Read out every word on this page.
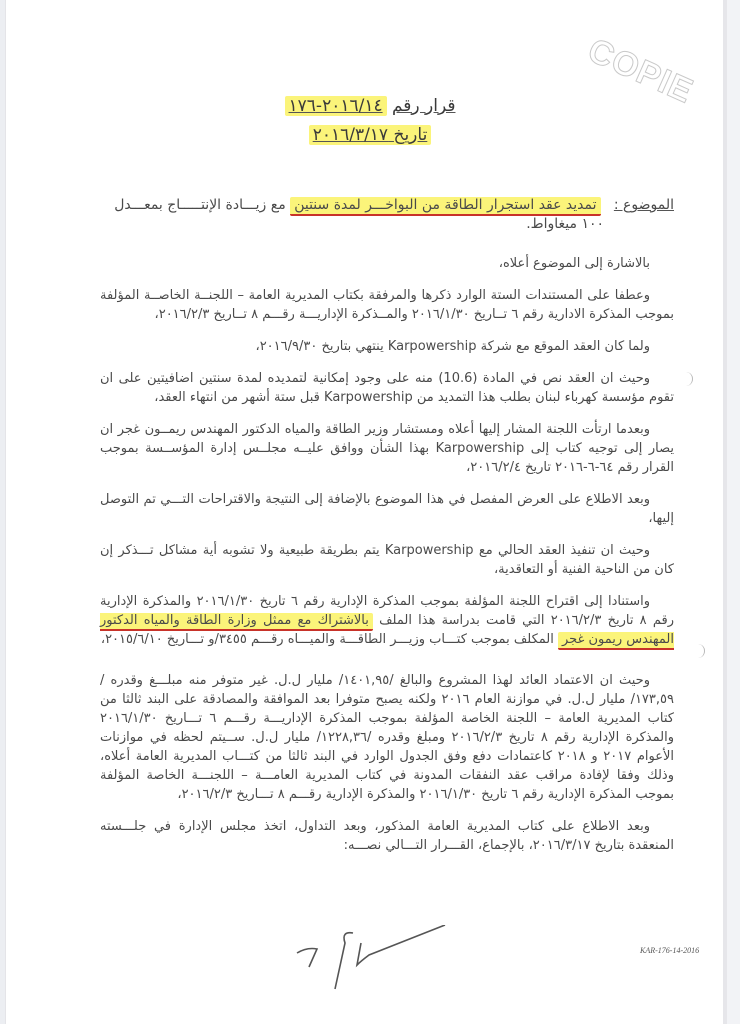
COPIE
قرار رقم ٢٠١٦/١٤-١٧٦
تاريخ ٢٠١٦/٣/١٧
الموضوع :   تمديد عقد استجرار الطاقة من البواخـــر لمدة سنتين مع زيـــادة الإنتـــــاج بمعـــدل
١٠٠ ميغاواط.
بالاشارة إلى الموضوع أعلاه،
وعطفا على المستندات الستة الوارد ذكرها والمرفقة بكتاب المديرية العامة – اللجنــة الخاصــة المؤلفة بموجب المذكرة الادارية رقم ٦ تــاريخ ٢٠١٦/١/٣٠ والمــذكرة الإداريـــة رقـــم ٨ تــاريخ ٢٠١٦/٢/٣،
ولما كان العقد الموقع مع شركة Karpowership ينتهي بتاريخ ٢٠١٦/٩/٣٠،
وحيث ان العقد نص في المادة (10.6) منه على وجود إمكانية لتمديده لمدة سنتين اضافيتين على ان تقوم مؤسسة كهرباء لبنان بطلب هذا التمديد من Karpowership قبل ستة أشهر من انتهاء العقد،
وبعدما ارتأت اللجنة المشار إليها أعلاه ومستشار وزير الطاقة والمياه الدكتور المهندس ريمــون غجر ان يصار إلى توجيه كتاب إلى Karpowership بهذا الشأن ووافق عليــه مجلــس إدارة المؤســسة بموجب القرار رقم ٦٤-٦-٢٠١٦ تاريخ ٢٠١٦/٢/٤،
وبعد الاطلاع على العرض المفصل في هذا الموضوع بالإضافة إلى النتيجة والاقتراحات التـــي تم التوصل إليها،
وحيث ان تنفيذ العقد الحالي مع Karpowership يتم بطريقة طبيعية ولا تشوبه أية مشاكل تـــذكر إن كان من الناحية الفنية أو التعاقدية،
واستنادا إلى اقتراح اللجنة المؤلفة بموجب المذكرة الإدارية رقم ٦ تاريخ ٢٠١٦/١/٣٠ والمذكرة الإدارية رقم ٨ تاريخ ٢٠١٦/٢/٣ التي قامت بدراسة هذا الملف بالاشتراك مع ممثل وزارة الطاقة والمياه الدكتور المهندس ريمون غجر المكلف بموجب كتـــاب وزيـــر الطاقـــة والميـــاه رقـــم ٣٤٥٥/و تـــاريخ ٢٠١٥/٦/١٠،
وحيث ان الاعتماد العائد لهذا المشروع والبالغ /١٤٠١,٩٥/ مليار ل.ل. غير متوفر منه مبلـــغ وقدره /١٧٣,٥٩/ مليار ل.ل. في موازنة العام ٢٠١٦ ولكنه يصبح متوفرا بعد الموافقة والمصادقة على البند ثالثا من كتاب المديرية العامة – اللجنة الخاصة المؤلفة بموجب المذكرة الإداريـــة رقـــم ٦ تـــاريخ ٢٠١٦/١/٣٠ والمذكرة الإدارية رقم ٨ تاريخ ٢٠١٦/٢/٣ ومبلغ وقدره /١٢٢٨,٣٦/ مليار ل.ل. ســيتم لحظه في موازنات الأعوام ٢٠١٧ و ٢٠١٨ كاعتمادات دفع وفق الجدول الوارد في البند ثالثا من كتـــاب المديرية العامة أعلاه، وذلك وفقا لإفادة مراقب عقد النفقات المدونة في كتاب المديرية العامـــة – اللجنـــة الخاصة المؤلفة بموجب المذكرة الإدارية رقم ٦ تاريخ ٢٠١٦/١/٣٠ والمذكرة الإدارية رقـــم ٨ تـــاريخ ٢٠١٦/٢/٣،
وبعد الاطلاع على كتاب المديرية العامة المذكور، وبعد التداول، اتخذ مجلس الإدارة في جلـــسته المنعقدة بتاريخ ٢٠١٦/٣/١٧، بالإجماع، القـــرار التـــالي نصـــه:
KAR-176-14-2016
